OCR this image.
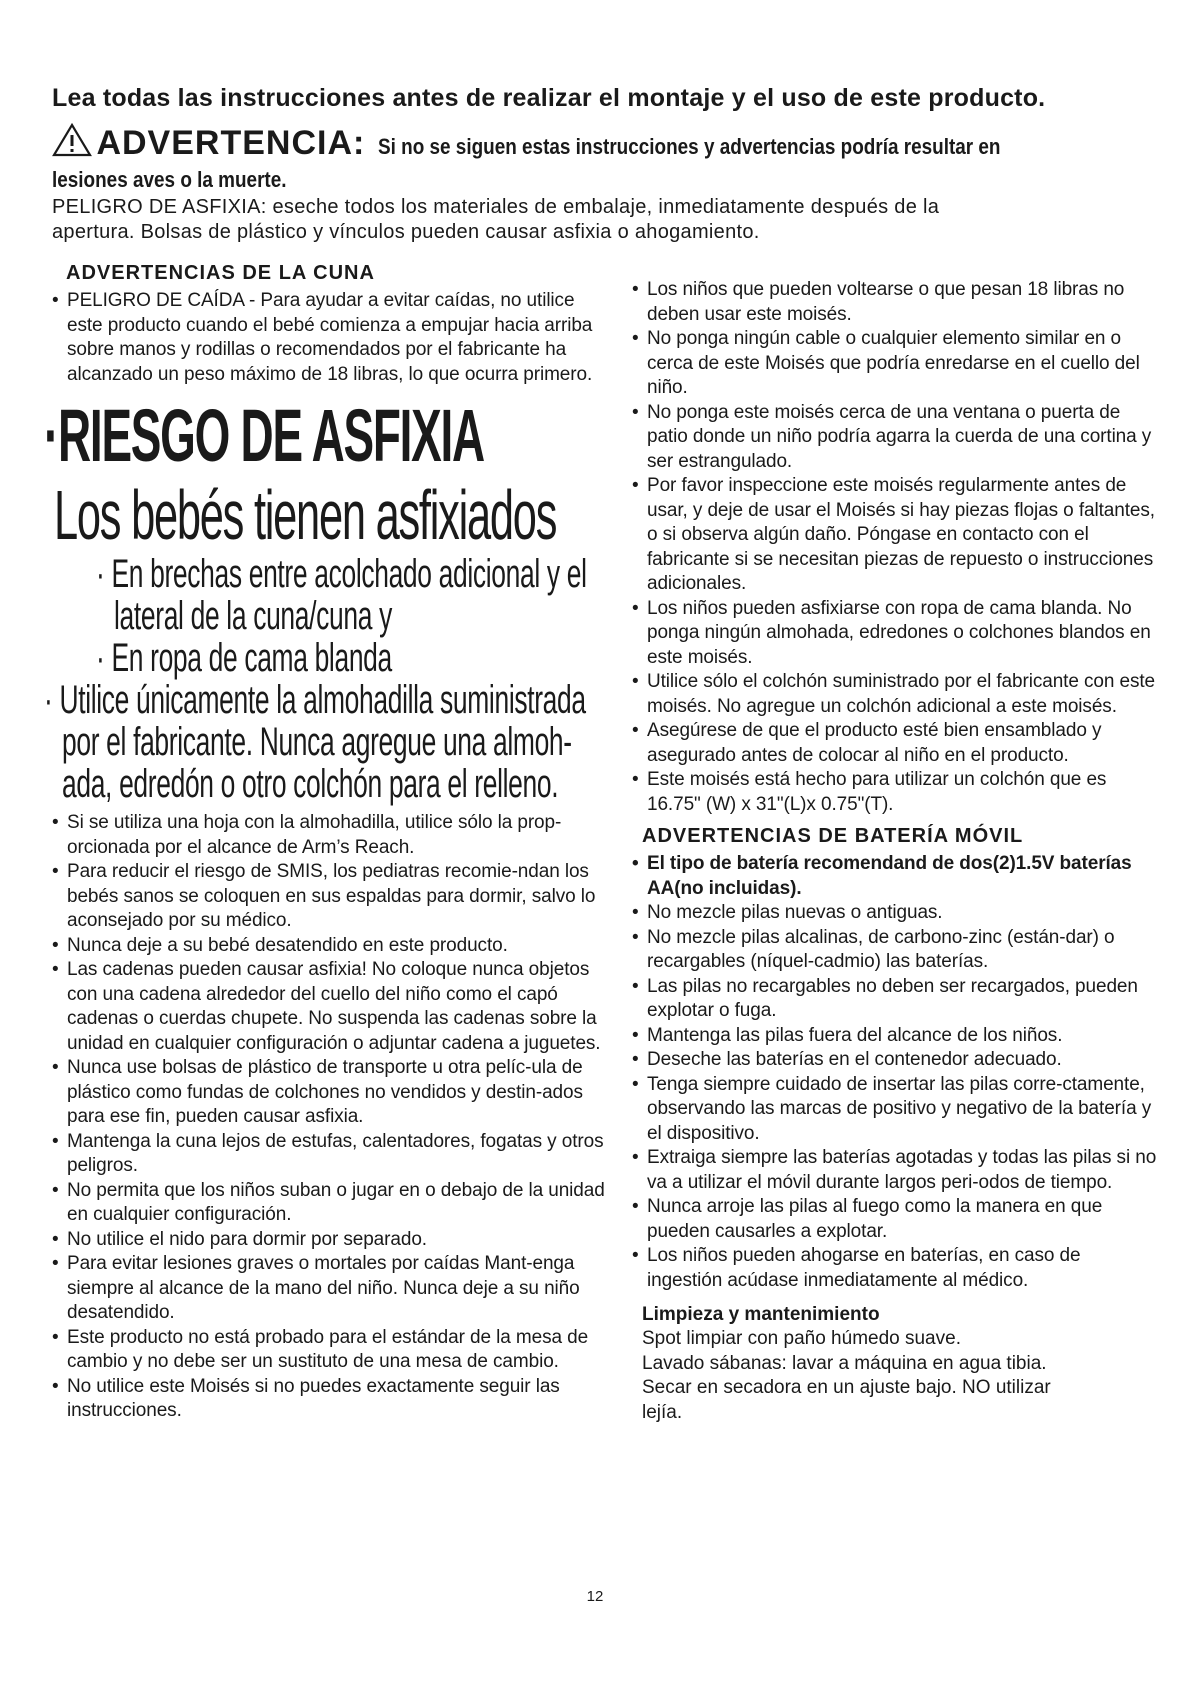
Lea todas las instrucciones antes de realizar el montaje y el uso de este producto.
ADVERTENCIA: Si no se siguen estas instrucciones y advertencias podría resultar en
lesiones aves o la muerte.
PELIGRO DE ASFIXIA: eseche todos los materiales de embalaje, inmediatamente después de la
apertura. Bolsas de plástico y vínculos pueden causar asfixia o ahogamiento.
ADVERTENCIAS DE LA CUNA
• PELIGRO DE CAÍDA - Para ayudar a evitar caídas, no utilice este producto cuando el bebé comienza a empujar hacia arriba sobre manos y rodillas o recomendados por el fabricante ha alcanzado un peso máximo de 18 libras, lo que ocurra primero.
·RIESGO DE ASFIXIA
Los bebés tienen asfixiados
· En brechas entre acolchado adicional y el
lateral de la cuna/cuna y
· En ropa de cama blanda
· Utilice únicamente la almohadilla suministrada
por el fabricante. Nunca agregue una almoh-
ada, edredón o otro colchón para el relleno.
• Si se utiliza una hoja con la almohadilla, utilice sólo la prop-orcionada por el alcance de Arm’s Reach.
• Para reducir el riesgo de SMIS, los pediatras recomie-ndan los bebés sanos se coloquen en sus espaldas para dormir, salvo lo aconsejado por su médico.
• Nunca deje a su bebé desatendido en este producto.
• Las cadenas pueden causar asfixia! No coloque nunca objetos con una cadena alrededor del cuello del niño como el capó cadenas o cuerdas chupete. No suspenda las cadenas sobre la unidad en cualquier configuración o adjuntar cadena a juguetes.
• Nunca use bolsas de plástico de transporte u otra pelíc-ula de plástico como fundas de colchones no vendidos y destin-ados para ese fin, pueden causar asfixia.
• Mantenga la cuna lejos de estufas, calentadores, fogatas y otros peligros.
• No permita que los niños suban o jugar en o debajo de la unidad en cualquier configuración.
• No utilice el nido para dormir por separado.
• Para evitar lesiones graves o mortales por caídas Mant-enga siempre al alcance de la mano del niño. Nunca deje a su niño desatendido.
• Este producto no está probado para el estándar de la mesa de cambio y no debe ser un sustituto de una mesa de cambio.
• No utilice este Moisés si no puedes exactamente seguir las instrucciones.
• Los niños que pueden voltearse o que pesan 18 libras no deben usar este moisés.
• No ponga ningún cable o cualquier elemento similar en o cerca de este Moisés que podría enredarse en el cuello del niño.
• No ponga este moisés cerca de una ventana o puerta de patio donde un niño podría agarra la cuerda de una cortina y ser estrangulado.
• Por favor inspeccione este moisés regularmente antes de usar, y deje de usar el Moisés si hay piezas flojas o faltantes, o si observa algún daño. Póngase en contacto con el fabricante si se necesitan piezas de repuesto o instrucciones adicionales.
• Los niños pueden asfixiarse con ropa de cama blanda. No ponga ningún almohada, edredones o colchones blandos en este moisés.
• Utilice sólo el colchón suministrado por el fabricante con este moisés. No agregue un colchón adicional a este moisés.
• Asegúrese de que el producto esté bien ensamblado y asegurado antes de colocar al niño en el producto.
• Este moisés está hecho para utilizar un colchón que es 16.75" (W) x 31"(L)x 0.75"(T).
ADVERTENCIAS DE BATERÍA MÓVIL
• El tipo de batería recomendand de dos(2)1.5V baterías AA(no incluidas).
• No mezcle pilas nuevas o antiguas.
• No mezcle pilas alcalinas, de carbono-zinc (están-dar) o recargables (níquel-cadmio) las baterías.
• Las pilas no recargables no deben ser recargados, pueden explotar o fuga.
• Mantenga las pilas fuera del alcance de los niños.
• Deseche las baterías en el contenedor adecuado.
• Tenga siempre cuidado de insertar las pilas corre-ctamente, observando las marcas de positivo y negativo de la batería y el dispositivo.
• Extraiga siempre las baterías agotadas y todas las pilas si no va a utilizar el móvil durante largos peri-odos de tiempo.
• Nunca arroje las pilas al fuego como la manera en que pueden causarles a explotar.
• Los niños pueden ahogarse en baterías, en caso de ingestión acúdase inmediatamente al médico.
Limpieza y mantenimiento
Spot limpiar con paño húmedo suave.
Lavado sábanas: lavar a máquina en agua tibia.
Secar en secadora en un ajuste bajo. NO utilizar
lejía.
12
